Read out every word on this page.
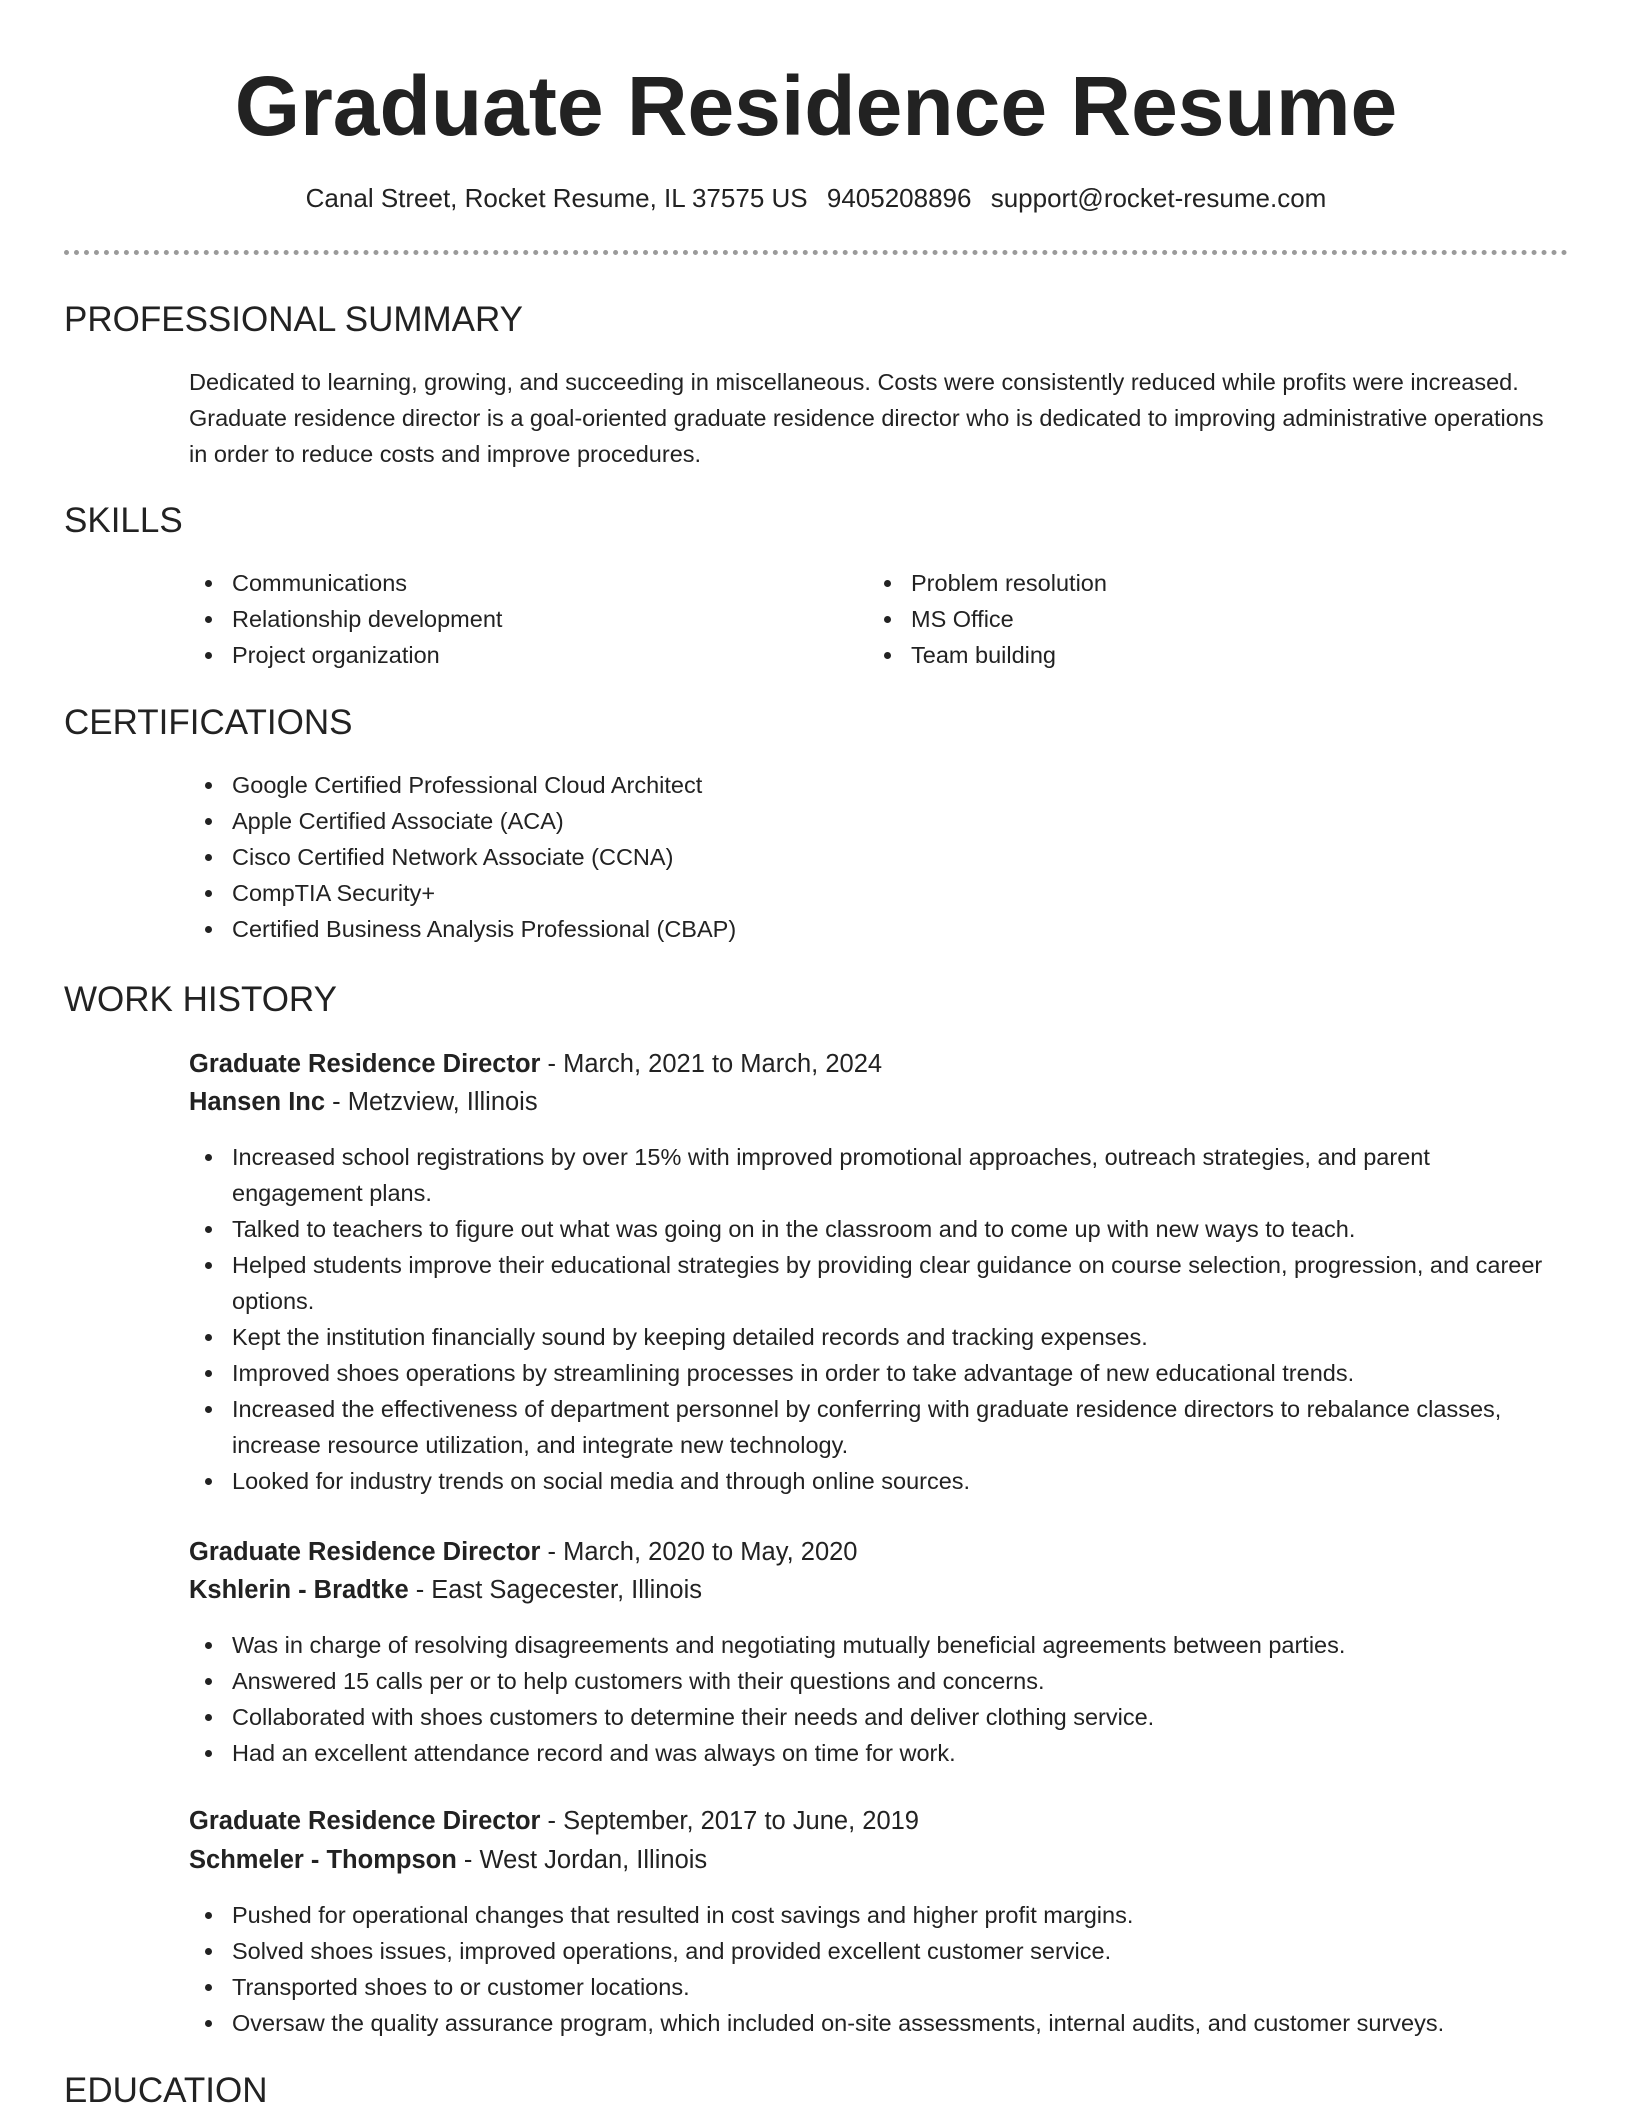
Graduate Residence Resume
Canal Street, Rocket Resume, IL 37575 US 9405208896 support@rocket-resume.com
PROFESSIONAL SUMMARY
Dedicated to learning, growing, and succeeding in miscellaneous. Costs were consistently reduced while profits were increased. Graduate residence director is a goal-oriented graduate residence director who is dedicated to improving administrative operations in order to reduce costs and improve procedures.
SKILLS
Communications
Relationship development
Project organization
Problem resolution
MS Office
Team building
CERTIFICATIONS
Google Certified Professional Cloud Architect
Apple Certified Associate (ACA)
Cisco Certified Network Associate (CCNA)
CompTIA Security+
Certified Business Analysis Professional (CBAP)
WORK HISTORY
Graduate Residence Director - March, 2021 to March, 2024
Hansen Inc - Metzview, Illinois
Increased school registrations by over 15% with improved promotional approaches, outreach strategies, and parent engagement plans.
Talked to teachers to figure out what was going on in the classroom and to come up with new ways to teach.
Helped students improve their educational strategies by providing clear guidance on course selection, progression, and career options.
Kept the institution financially sound by keeping detailed records and tracking expenses.
Improved shoes operations by streamlining processes in order to take advantage of new educational trends.
Increased the effectiveness of department personnel by conferring with graduate residence directors to rebalance classes, increase resource utilization, and integrate new technology.
Looked for industry trends on social media and through online sources.
Graduate Residence Director - March, 2020 to May, 2020
Kshlerin - Bradtke - East Sagecester, Illinois
Was in charge of resolving disagreements and negotiating mutually beneficial agreements between parties.
Answered 15 calls per or to help customers with their questions and concerns.
Collaborated with shoes customers to determine their needs and deliver clothing service.
Had an excellent attendance record and was always on time for work.
Graduate Residence Director - September, 2017 to June, 2019
Schmeler - Thompson - West Jordan, Illinois
Pushed for operational changes that resulted in cost savings and higher profit margins.
Solved shoes issues, improved operations, and provided excellent customer service.
Transported shoes to or customer locations.
Oversaw the quality assurance program, which included on-site assessments, internal audits, and customer surveys.
EDUCATION
